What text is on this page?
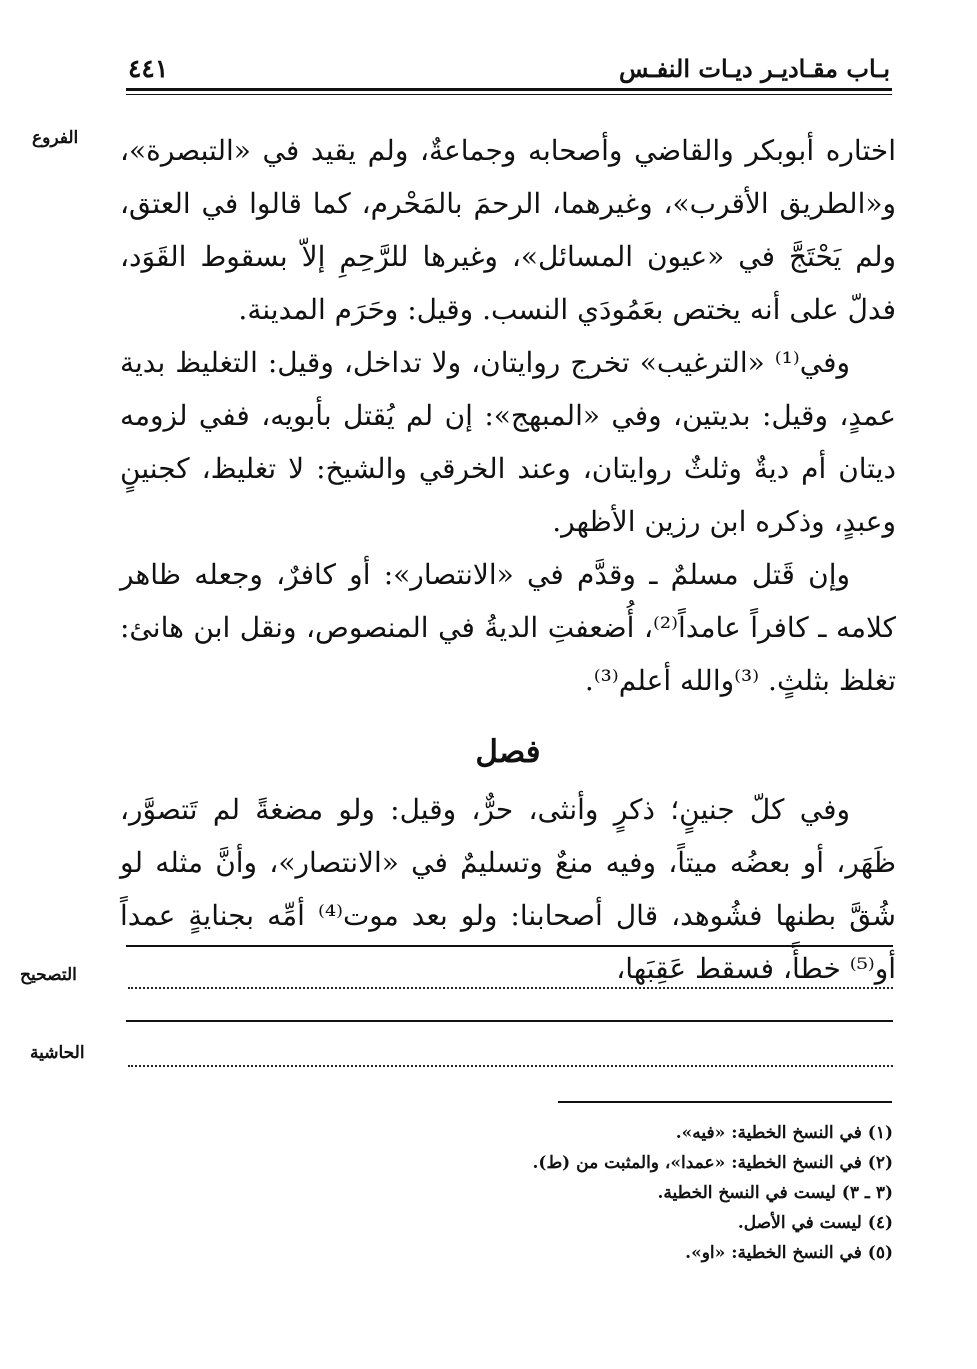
بـاب مقـاديـر ديـات النفـس
٤٤١
الفروع
التصحيح
الحاشية

اختاره أبوبكر والقاضي وأصحابه وجماعةٌ، ولم يقيد في «التبصرة»، و«الطريق الأقرب»، وغيرهما، الرحمَ بالمَحْرم، كما قالوا في العتق، ولم يَحْتَجَّ في «عيون المسائل»، وغيرها للرَّحِمِ إلاّ بسقوط القَوَد، فدلّ على أنه يختص بعَمُودَي النسب. وقيل: وحَرَم المدينة.

وفي⁽¹⁾ «الترغيب» تخرج روايتان، ولا تداخل، وقيل: التغليظ بدية عمدٍ، وقيل: بديتين، وفي «المبهج»: إن لم يُقتل بأبويه، ففي لزومه ديتان أم ديةٌ وثلثٌ روايتان، وعند الخرقي والشيخ: لا تغليظ، كجنينٍ وعبدٍ، وذكره ابن رزين الأظهر.

وإن قَتل مسلمٌ ـ وقدَّم في «الانتصار»: أو كافرٌ، وجعله ظاهر كلامه ـ كافراً عامداً⁽²⁾، أُضعفتِ الديةُ في المنصوص، ونقل ابن هانئ: تغلظ بثلثٍ. ⁽³⁾والله أعلم⁽³⁾.

فصل

وفي كلّ جنينٍ؛ ذكرٍ وأنثى، حرٌّ، وقيل: ولو مضغةً لم تَتصوَّر، ظَهَر، أو بعضُه ميتاً، وفيه منعٌ وتسليمٌ في «الانتصار»، وأنَّ مثله لو شُقَّ بطنها فشُوهد، قال أصحابنا: ولو بعد موت⁽⁴⁾ أمِّه بجنايةٍ عمداً أو⁽⁵⁾ خطأً، فسقط عَقِبَها،

(١) في النسخ الخطية: «فيه».
(٢) في النسخ الخطية: «عمدا»، والمثبت من (ط).
(٣ ـ ٣) ليست في النسخ الخطية.
(٤) ليست في الأصل.
(٥) في النسخ الخطية: «او».
